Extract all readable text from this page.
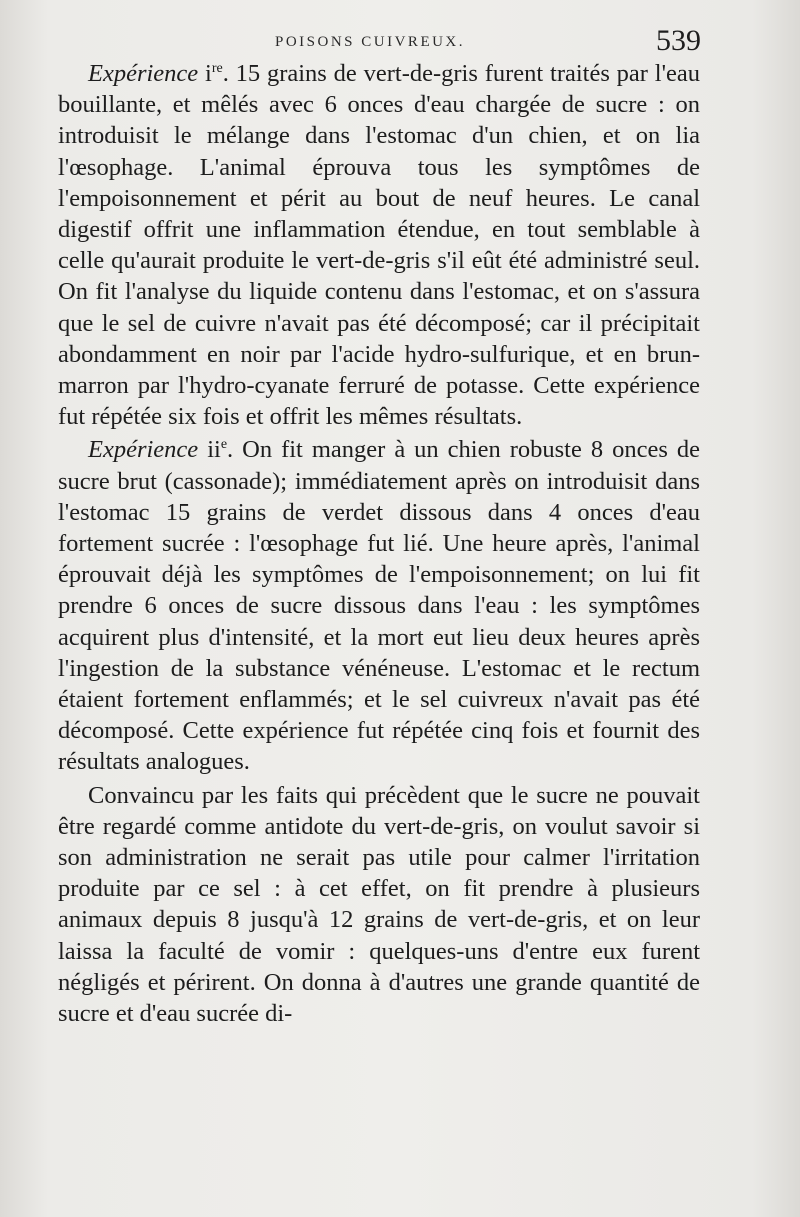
POISONS CUIVREUX.	539

Expérience $i^{re}$. 15 grains de vert-de-gris furent traités par l'eau bouillante, et mêlés avec 6 onces d'eau chargée de sucre : on introduisit le mélange dans l'estomac d'un chien, et on lia l'œsophage. L'animal éprouva tous les symptômes de l'empoisonnement et périt au bout de neuf heures. Le canal digestif offrit une inflammation étendue, en tout semblable à celle qu'aurait produite le vert-de-gris s'il eût été administré seul. On fit l'analyse du liquide contenu dans l'estomac, et on s'assura que le sel de cuivre n'avait pas été décomposé; car il précipitait abondamment en noir par l'acide hydro-sulfurique, et en brun-marron par l'hydro-cyanate ferruré de potasse. Cette expérience fut répétée six fois et offrit les mêmes résultats.

Expérience $ii^e$. On fit manger à un chien robuste 8 onces de sucre brut (cassonade); immédiatement après on introduisit dans l'estomac 15 grains de verdet dissous dans 4 onces d'eau fortement sucrée : l'œsophage fut lié. Une heure après, l'animal éprouvait déjà les symptômes de l'empoisonnement; on lui fit prendre 6 onces de sucre dissous dans l'eau : les symptômes acquirent plus d'intensité, et la mort eut lieu deux heures après l'ingestion de la substance vénéneuse. L'estomac et le rectum étaient fortement enflammés; et le sel cuivreux n'avait pas été décomposé. Cette expérience fut répétée cinq fois et fournit des résultats analogues.

Convaincu par les faits qui précèdent que le sucre ne pouvait être regardé comme antidote du vert-de-gris, on voulut savoir si son administration ne serait pas utile pour calmer l'irritation produite par ce sel : à cet effet, on fit prendre à plusieurs animaux depuis 8 jusqu'à 12 grains de vert-de-gris, et on leur laissa la faculté de vomir : quelques-uns d'entre eux furent négligés et périrent. On donna à d'autres une grande quantité de sucre et d'eau sucrée di-
